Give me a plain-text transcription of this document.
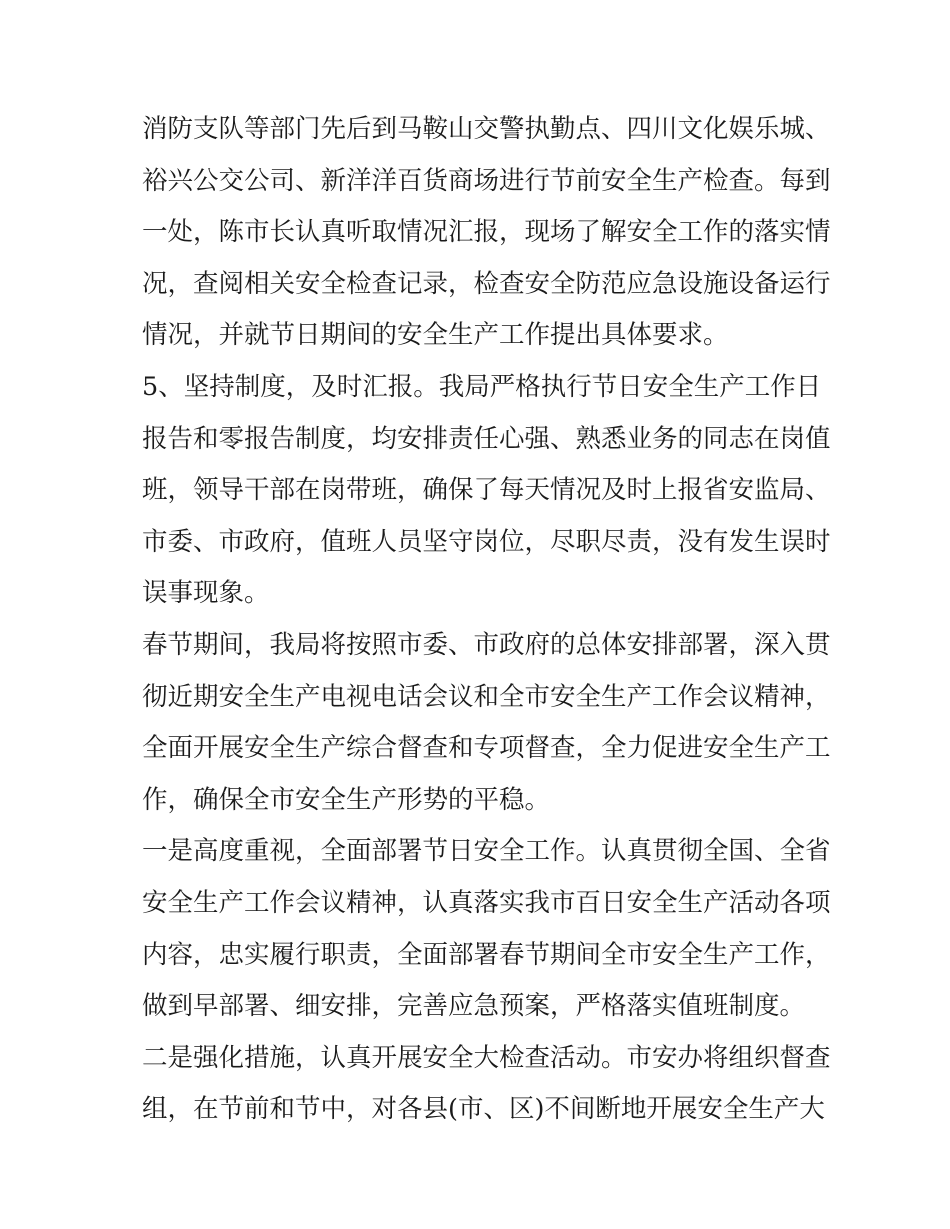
消防支队等部门先后到马鞍山交警执勤点、四川文化娱乐城、
裕兴公交公司、新洋洋百货商场进行节前安全生产检查。每到
一处，陈市长认真听取情况汇报，现场了解安全工作的落实情
况，查阅相关安全检查记录，检查安全防范应急设施设备运行
情况，并就节日期间的安全生产工作提出具体要求。
5、坚持制度，及时汇报。我局严格执行节日安全生产工作日
报告和零报告制度，均安排责任心强、熟悉业务的同志在岗值
班，领导干部在岗带班，确保了每天情况及时上报省安监局、
市委、市政府，值班人员坚守岗位，尽职尽责，没有发生误时
误事现象。
春节期间，我局将按照市委、市政府的总体安排部署，深入贯
彻近期安全生产电视电话会议和全市安全生产工作会议精神，
全面开展安全生产综合督查和专项督查，全力促进安全生产工
作，确保全市安全生产形势的平稳。
一是高度重视，全面部署节日安全工作。认真贯彻全国、全省
安全生产工作会议精神，认真落实我市百日安全生产活动各项
内容，忠实履行职责，全面部署春节期间全市安全生产工作，
做到早部署、细安排，完善应急预案，严格落实值班制度。
二是强化措施，认真开展安全大检查活动。市安办将组织督查
组，在节前和节中，对各县(市、区)不间断地开展安全生产大
